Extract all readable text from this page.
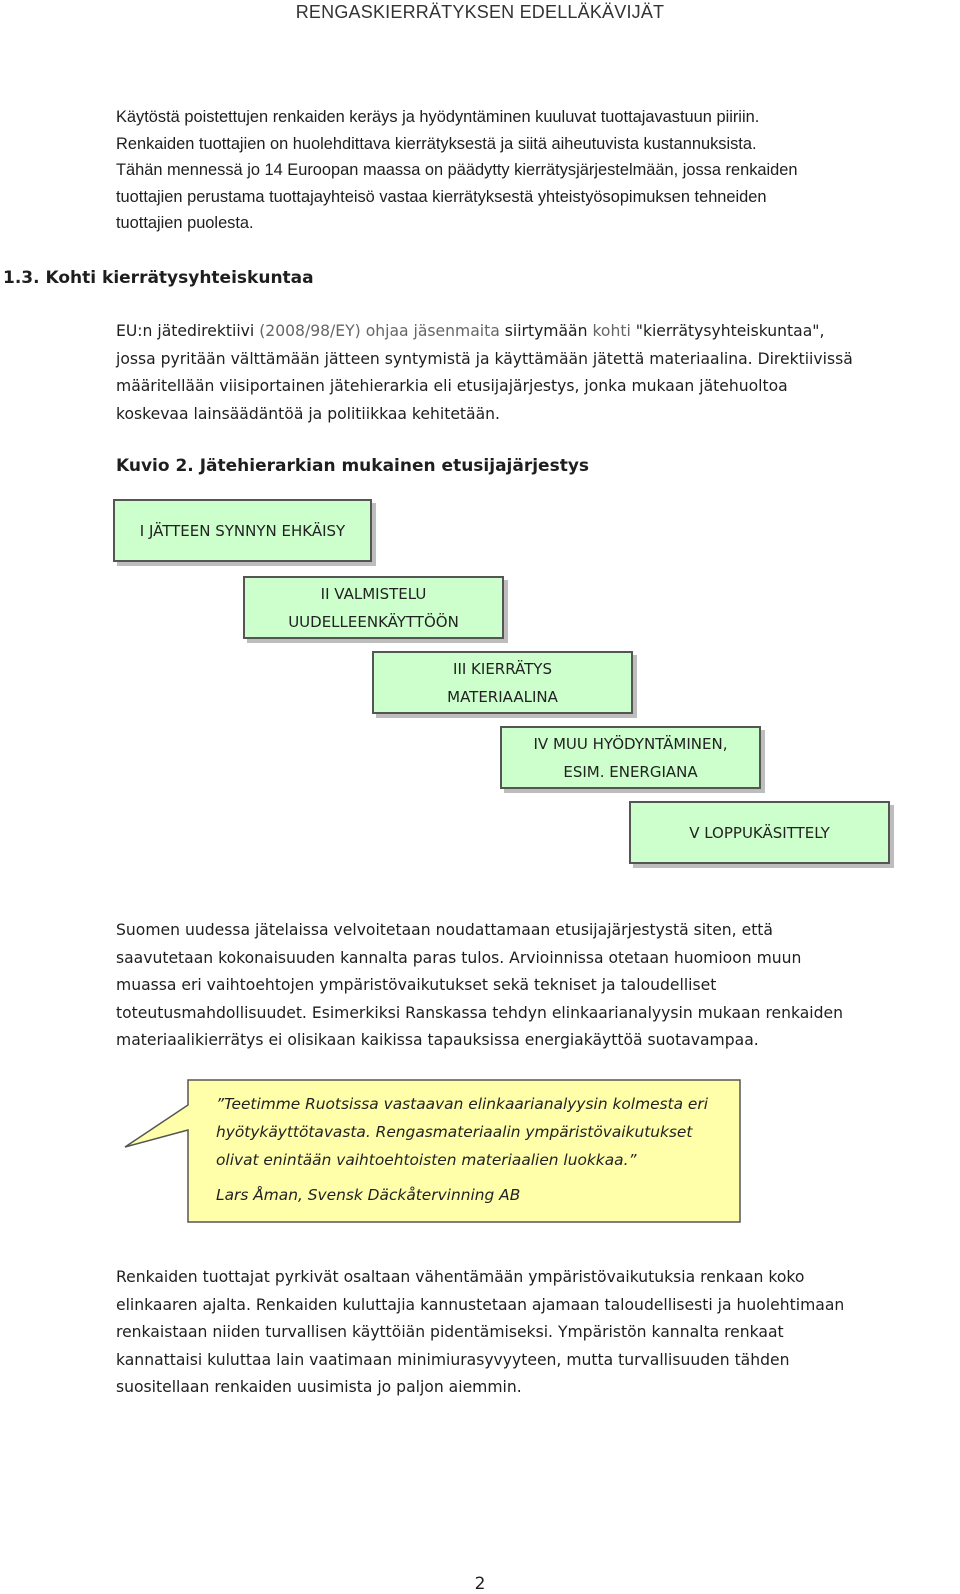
RENGASKIERRÄTYKSEN EDELLÄKÄVIJÄT
Käytöstä poistettujen renkaiden keräys ja hyödyntäminen kuuluvat tuottajavastuun piiriin.
Renkaiden tuottajien on huolehdittava kierrätyksestä ja siitä aiheutuvista kustannuksista.
Tähän mennessä jo 14 Euroopan maassa on päädytty kierrätysjärjestelmään, jossa renkaiden
tuottajien perustama tuottajayhteisö vastaa kierrätyksestä yhteistyösopimuksen tehneiden
tuottajien puolesta.
1.3. Kohti kierrätysyhteiskuntaa
EU:n jätedirektiivi (2008/98/EY) ohjaa jäsenmaita siirtymään kohti "kierrätysyhteiskuntaa",
jossa pyritään välttämään jätteen syntymistä ja käyttämään jätettä materiaalina. Direktiivissä
määritellään viisiportainen jätehierarkia eli etusijajärjestys, jonka mukaan jätehuoltoa
koskevaa lainsäädäntöä ja politiikkaa kehitetään.
Kuvio 2. Jätehierarkian mukainen etusijajärjestys
I JÄTTEEN SYNNYN EHKÄISY
II VALMISTELU
UUDELLEENKÄYTTÖÖN
III KIERRÄTYS
MATERIAALINA
IV MUU HYÖDYNTÄMINEN,
ESIM. ENERGIANA
V LOPPUKÄSITTELY
Suomen uudessa jätelaissa velvoitetaan noudattamaan etusijajärjestystä siten, että
saavutetaan kokonaisuuden kannalta paras tulos. Arvioinnissa otetaan huomioon muun
muassa eri vaihtoehtojen ympäristövaikutukset sekä tekniset ja taloudelliset
toteutusmahdollisuudet. Esimerkiksi Ranskassa tehdyn elinkaarianalyysin mukaan renkaiden
materiaalikierrätys ei olisikaan kaikissa tapauksissa energiakäyttöä suotavampaa.
”Teetimme Ruotsissa vastaavan elinkaarianalyysin kolmesta eri
hyötykäyttötavasta. Rengasmateriaalin ympäristövaikutukset
olivat enintään vaihtoehtoisten materiaalien luokkaa.”
Lars Åman, Svensk Däckåtervinning AB
Renkaiden tuottajat pyrkivät osaltaan vähentämään ympäristövaikutuksia renkaan koko
elinkaaren ajalta. Renkaiden kuluttajia kannustetaan ajamaan taloudellisesti ja huolehtimaan
renkaistaan niiden turvallisen käyttöiän pidentämiseksi. Ympäristön kannalta renkaat
kannattaisi kuluttaa lain vaatimaan minimiurasyvyyteen, mutta turvallisuuden tähden
suositellaan renkaiden uusimista jo paljon aiemmin.
2
